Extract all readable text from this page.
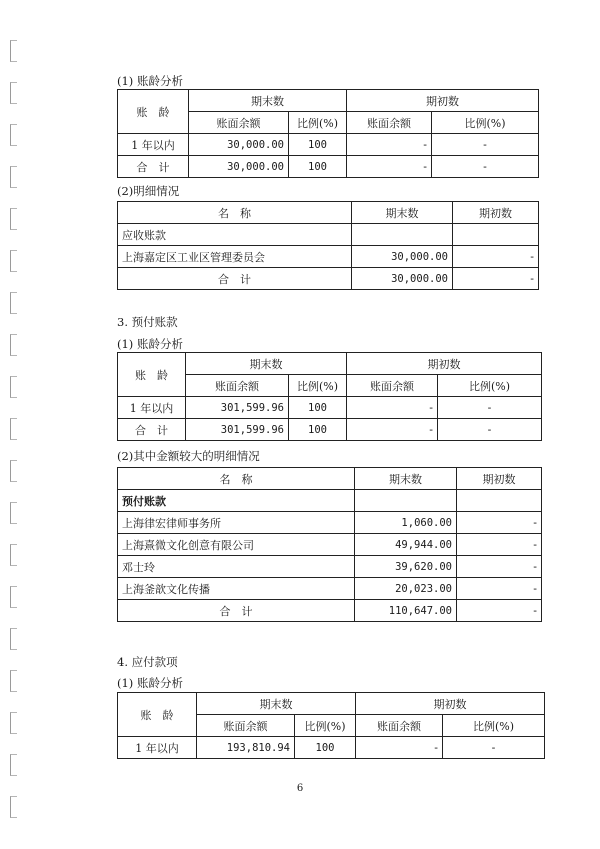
(1) 账龄分析
账　龄	期末数		期初数	
	账面余额	比例(%)	账面余额	比例(%)
1 年以内	30,000.00	100	-	-
合　计	30,000.00	100	-	-
(2)明细情况
名　称	期末数	期初数
应收账款		
上海嘉定区工业区管理委员会	30,000.00	-
合　计	30,000.00	-
3. 预付账款
(1) 账龄分析
账　龄	期末数		期初数	
	账面余额	比例(%)	账面余额	比例(%)
1 年以内	301,599.96	100	-	-
合　计	301,599.96	100	-	-
(2)其中金额较大的明细情况
名　称	期末数	期初数
预付账款		
上海律宏律师事务所	1,060.00	-
上海熹微文化创意有限公司	49,944.00	-
邓士玲	39,620.00	-
上海釜歆文化传播	20,023.00	-
合　计	110,647.00	-
4. 应付款项
(1) 账龄分析
账　龄	期末数		期初数	
	账面余额	比例(%)	账面余额	比例(%)
1 年以内	193,810.94	100	-	-
6
